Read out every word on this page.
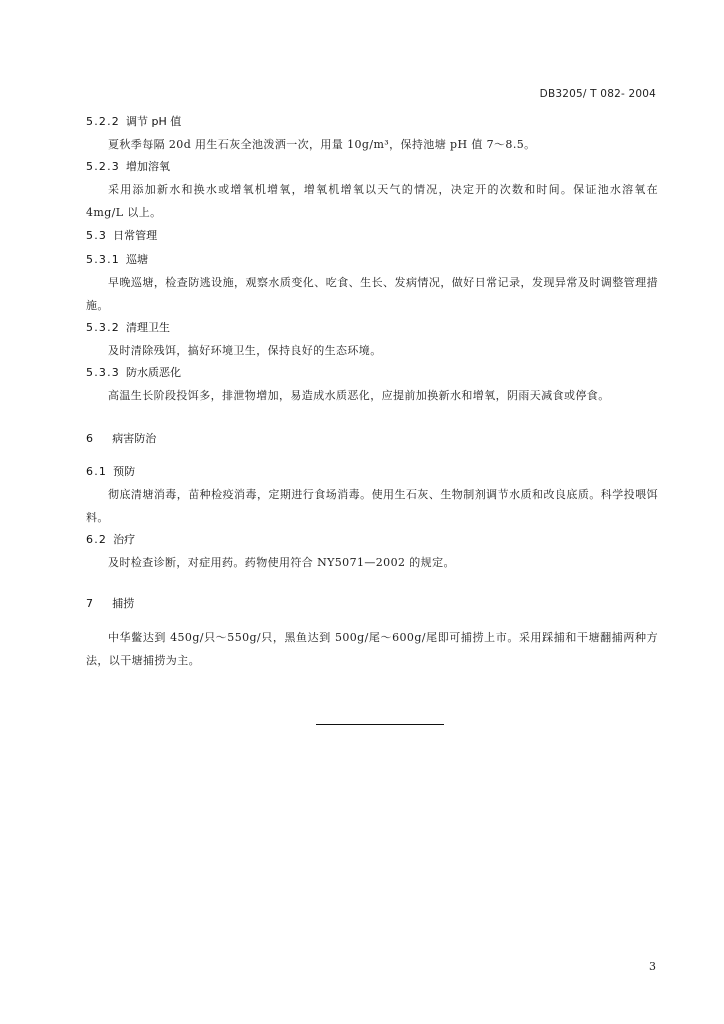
DB3205/ T 082- 2004
5.2.2 调节 pH 值
夏秋季每隔 20d 用生石灰全池泼洒一次，用量 10g/m³，保持池塘 pH 值 7～8.5。
5.2.3 增加溶氧
采用添加新水和换水或增氧机增氧，增氧机增氧以天气的情况，决定开的次数和时间。保证池水溶氧在 4mg/L 以上。
5.3 日常管理
5.3.1 巡塘
早晚巡塘，检查防逃设施，观察水质变化、吃食、生长、发病情况，做好日常记录，发现异常及时调整管理措施。
5.3.2 清理卫生
及时清除残饵，搞好环境卫生，保持良好的生态环境。
5.3.3 防水质恶化
高温生长阶段投饵多，排泄物增加，易造成水质恶化，应提前加换新水和增氧，阴雨天减食或停食。
6 病害防治
6.1 预防
彻底清塘消毒，苗种检疫消毒，定期进行食场消毒。使用生石灰、生物制剂调节水质和改良底质。科学投喂饵料。
6.2 治疗
及时检查诊断，对症用药。药物使用符合 NY5071—2002 的规定。
7 捕捞
中华鳖达到 450g/只～550g/只，黑鱼达到 500g/尾～600g/尾即可捕捞上市。采用踩捕和干塘翻捕两种方法，以干塘捕捞为主。
3
